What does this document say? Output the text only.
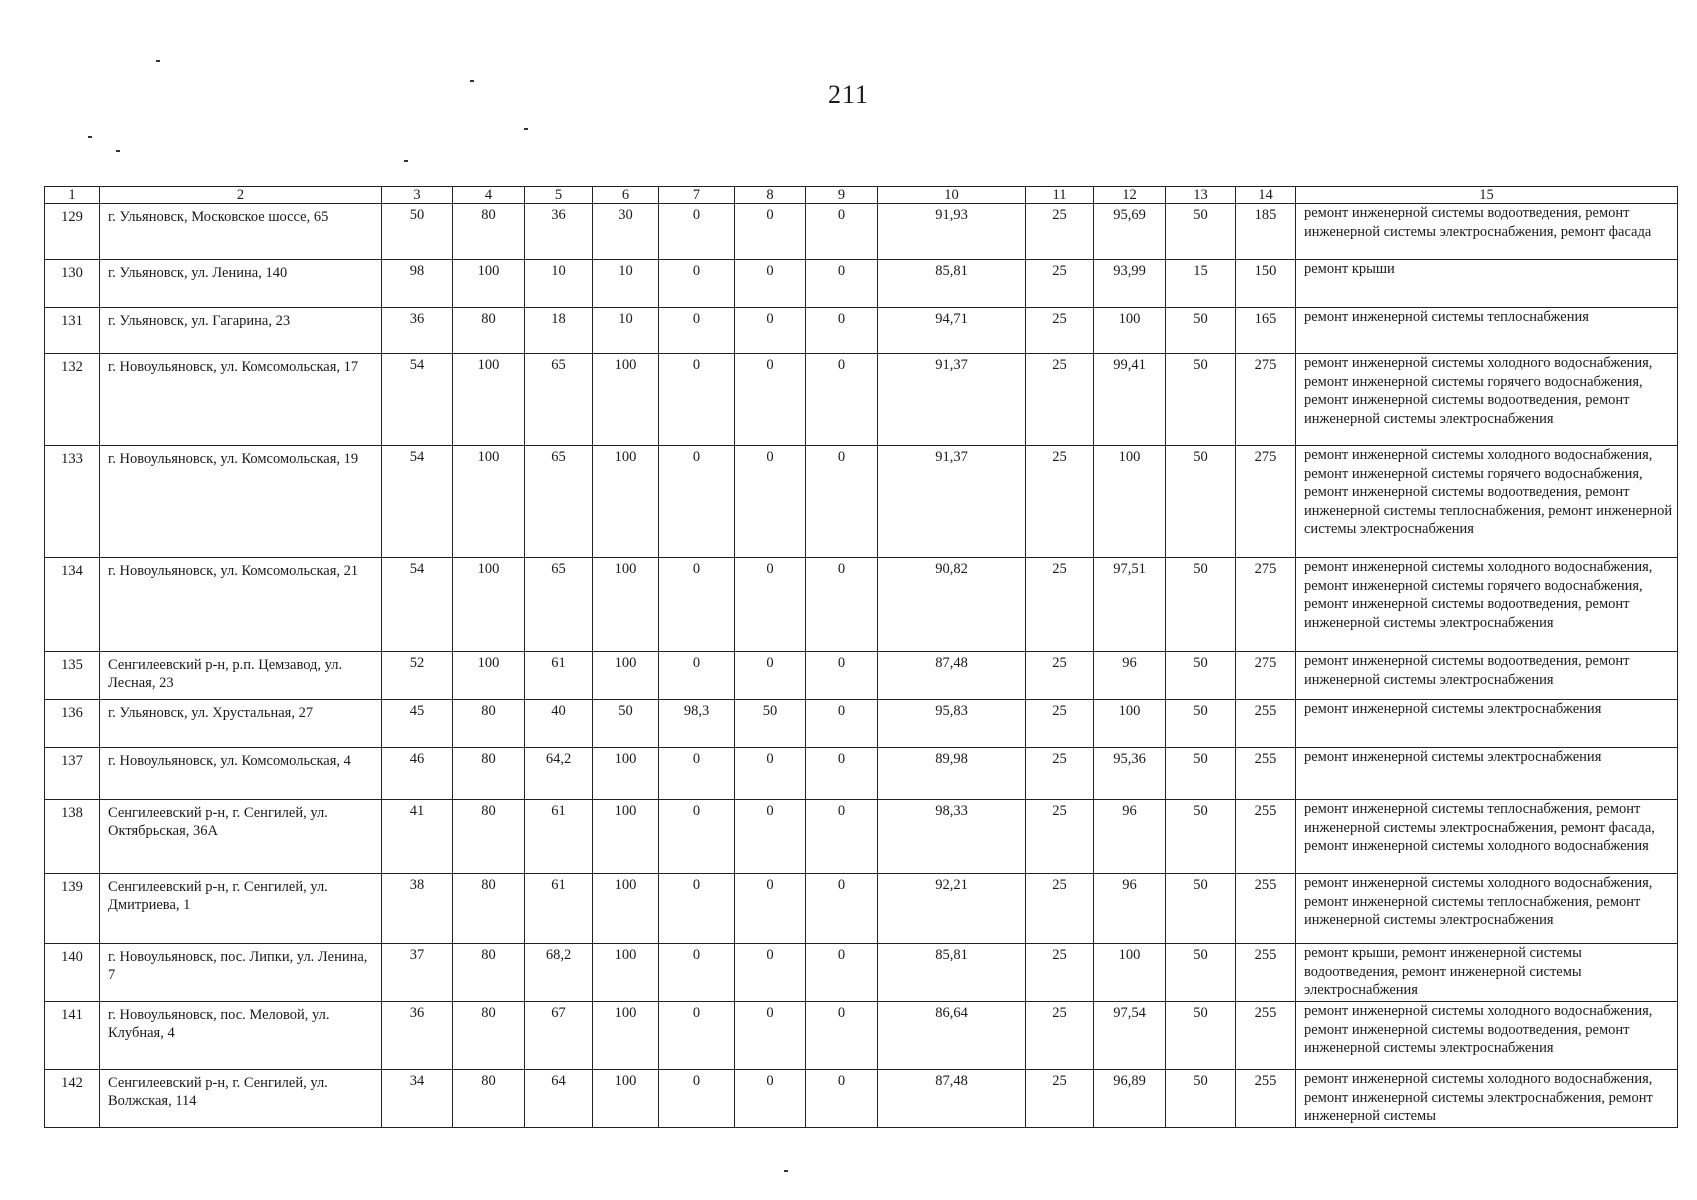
211
1	2	3	4	5	6	7	8	9	10	11	12	13	14	15
129	г. Ульяновск, Московское шоссе, 65	50	80	36	30	0	0	0	91,93	25	95,69	50	185	ремонт инженерной системы водоотведения, ремонт инженерной системы электроснабжения, ремонт фасада
130	г. Ульяновск, ул. Ленина, 140	98	100	10	10	0	0	0	85,81	25	93,99	15	150	ремонт крыши
131	г. Ульяновск, ул. Гагарина, 23	36	80	18	10	0	0	0	94,71	25	100	50	165	ремонт инженерной системы теплоснабжения
132	г. Новоульяновск, ул. Комсомольская, 17	54	100	65	100	0	0	0	91,37	25	99,41	50	275	ремонт инженерной системы холодного водоснабжения, ремонт инженерной системы горячего водоснабжения, ремонт инженерной системы водоотведения, ремонт инженерной системы электроснабжения
133	г. Новоульяновск, ул. Комсомольская, 19	54	100	65	100	0	0	0	91,37	25	100	50	275	ремонт инженерной системы холодного водоснабжения, ремонт инженерной системы горячего водоснабжения, ремонт инженерной системы водоотведения, ремонт инженерной системы теплоснабжения, ремонт инженерной системы электроснабжения
134	г. Новоульяновск, ул. Комсомольская, 21	54	100	65	100	0	0	0	90,82	25	97,51	50	275	ремонт инженерной системы холодного водоснабжения, ремонт инженерной системы горячего водоснабжения, ремонт инженерной системы водоотведения, ремонт инженерной системы электроснабжения
135	Сенгилеевский р-н, р.п. Цемзавод, ул. Лесная, 23	52	100	61	100	0	0	0	87,48	25	96	50	275	ремонт инженерной системы водоотведения, ремонт инженерной системы электроснабжения
136	г. Ульяновск, ул. Хрустальная, 27	45	80	40	50	98,3	50	0	95,83	25	100	50	255	ремонт инженерной системы электроснабжения
137	г. Новоульяновск, ул. Комсомольская, 4	46	80	64,2	100	0	0	0	89,98	25	95,36	50	255	ремонт инженерной системы электроснабжения
138	Сенгилеевский р-н, г. Сенгилей, ул. Октябрьская, 36А	41	80	61	100	0	0	0	98,33	25	96	50	255	ремонт инженерной системы теплоснабжения, ремонт инженерной системы электроснабжения, ремонт фасада, ремонт инженерной системы холодного водоснабжения
139	Сенгилеевский р-н, г. Сенгилей, ул. Дмитриева, 1	38	80	61	100	0	0	0	92,21	25	96	50	255	ремонт инженерной системы холодного водоснабжения, ремонт инженерной системы теплоснабжения, ремонт инженерной системы электроснабжения
140	г. Новоульяновск, пос. Липки, ул. Ленина, 7	37	80	68,2	100	0	0	0	85,81	25	100	50	255	ремонт крыши, ремонт инженерной системы водоотведения, ремонт инженерной системы электроснабжения
141	г. Новоульяновск, пос. Меловой, ул. Клубная, 4	36	80	67	100	0	0	0	86,64	25	97,54	50	255	ремонт инженерной системы холодного водоснабжения, ремонт инженерной системы водоотведения, ремонт инженерной системы электроснабжения
142	Сенгилеевский р-н, г. Сенгилей, ул. Волжская, 114	34	80	64	100	0	0	0	87,48	25	96,89	50	255	ремонт инженерной системы холодного водоснабжения, ремонт инженерной системы электроснабжения, ремонт инженерной системы
